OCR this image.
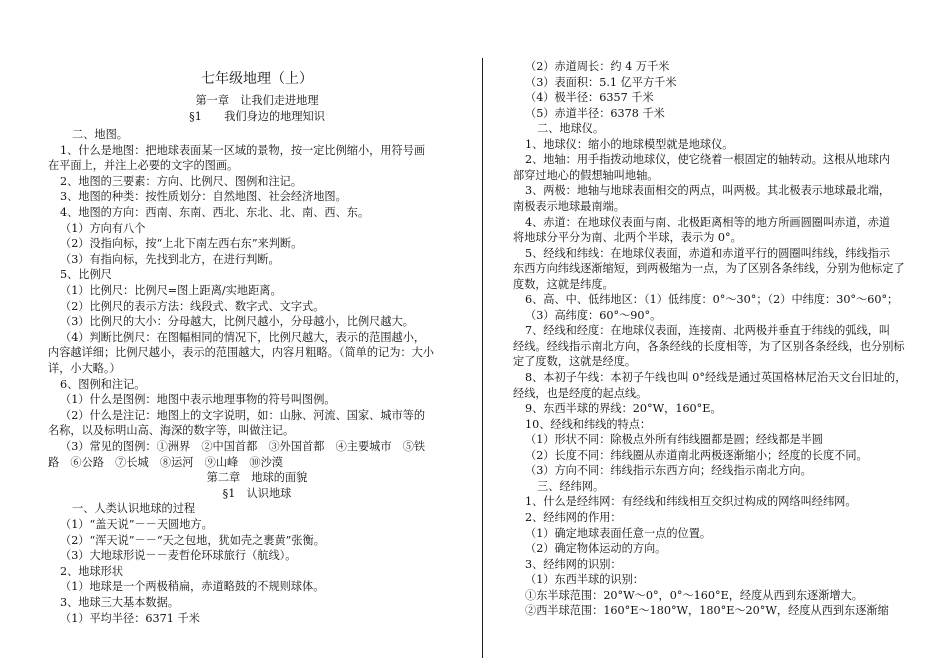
七年级地理（上）
第一章　让我们走进地理
§1　　我们身边的地理知识
二、地图。
1、什么是地图：把地球表面某一区域的景物，按一定比例缩小，用符号画
在平面上，并注上必要的文字的图画。
2、地图的三要素：方向、比例尺、图例和注记。
3、地图的种类：按性质划分：自然地图、社会经济地图。
4、地图的方向：西南、东南、西北、东北、北、南、西、东。
（1）方向有八个
（2）没指向标，按“上北下南左西右东”来判断。
（3）有指向标，先找到北方，在进行判断。
5、比例尺
（1）比例尺：比例尺=图上距离/实地距离。
（2）比例尺的表示方法：线段式、数字式、文字式。
（3）比例尺的大小：分母越大，比例尺越小，分母越小，比例尺越大。
（4）判断比例尺：在图幅相同的情况下，比例尺越大，表示的范围越小，
内容越详细；比例尺越小，表示的范围越大，内容月粗略。（简单的记为：大小
详，小大略。）
6、图例和注记。
（1）什么是图例：地图中表示地理事物的符号叫图例。
（2）什么是注记：地图上的文字说明，如：山脉、河流、国家、城市等的
名称，以及标明山高、海深的数字等，叫做注记。
（3）常见的图例：①洲界　②中国首都　③外国首都　④主要城市　⑤铁
路　⑥公路　⑦长城　⑧运河　⑨山峰　⑩沙漠
第二章　地球的面貌
§1　认识地球
一、人类认识地球的过程
（1）“盖天说”－－天圆地方。
（2）“浑天说”－－“天之包地，犹如壳之裹黄”张衡。
（3）大地球形说－－麦哲伦环球旅行（航线）。
2、地球形状
（1）地球是一个两极稍扁，赤道略鼓的不规则球体。
3、地球三大基本数据。
（1）平均半径：6371 千米
（2）赤道周长：约 4 万千米
（3）表面积：5.1 亿平方千米
（4）极半径：6357 千米
（5）赤道半径：6378 千米
二、地球仪。
1、地球仪：缩小的地球模型就是地球仪。
2、地轴：用手指拨动地球仪，使它绕着一根固定的轴转动。这根从地球内
部穿过地心的假想轴叫地轴。
3、两极：地轴与地球表面相交的两点，叫两极。其北极表示地球最北端，
南极表示地球最南端。
4、赤道：在地球仪表面与南、北极距离相等的地方所画圆圈叫赤道，赤道
将地球分平分为南、北两个半球，表示为 0°。
5、经线和纬线：在地球仪表面，赤道和赤道平行的圆圈叫纬线，纬线指示
东西方向纬线逐渐缩短，到两极缩为一点，为了区别各条纬线，分别为他标定了
度数，这就是纬度。
6、高、中、低纬地区：（1）低纬度：0°～30°；（2）中纬度：30°～60°；
（3）高纬度：60°～90°。
7、经线和经度：在地球仪表面，连接南、北两极并垂直于纬线的弧线，叫
经线。经线指示南北方向，各条经线的长度相等，为了区别各条经线，也分别标
定了度数，这就是经度。
8、本初子午线：本初子午线也叫 0°经线是通过英国格林尼治天文台旧址的，
经线，也是经度的起点线。
9、东西半球的界线：20°W，160°E。
10、经线和纬线的特点：
（1）形状不同：除极点外所有纬线圈都是圆；经线都是半圆
（2）长度不同：纬线圈从赤道南北两极逐渐缩小；经度的长度不同。
（3）方向不同：纬线指示东西方向；经线指示南北方向。
三、经纬网。
1、什么是经纬网：有经线和纬线相互交织过构成的网络叫经纬网。
2、经纬网的作用：
（1）确定地球表面任意一点的位置。
（2）确定物体运动的方向。
3、经纬网的识别：
（1）东西半球的识别：
①东半球范围：20°W～0°，0°～160°E，经度从西到东逐渐增大。
②西半球范围：160°E～180°W，180°E～20°W，经度从西到东逐渐缩
